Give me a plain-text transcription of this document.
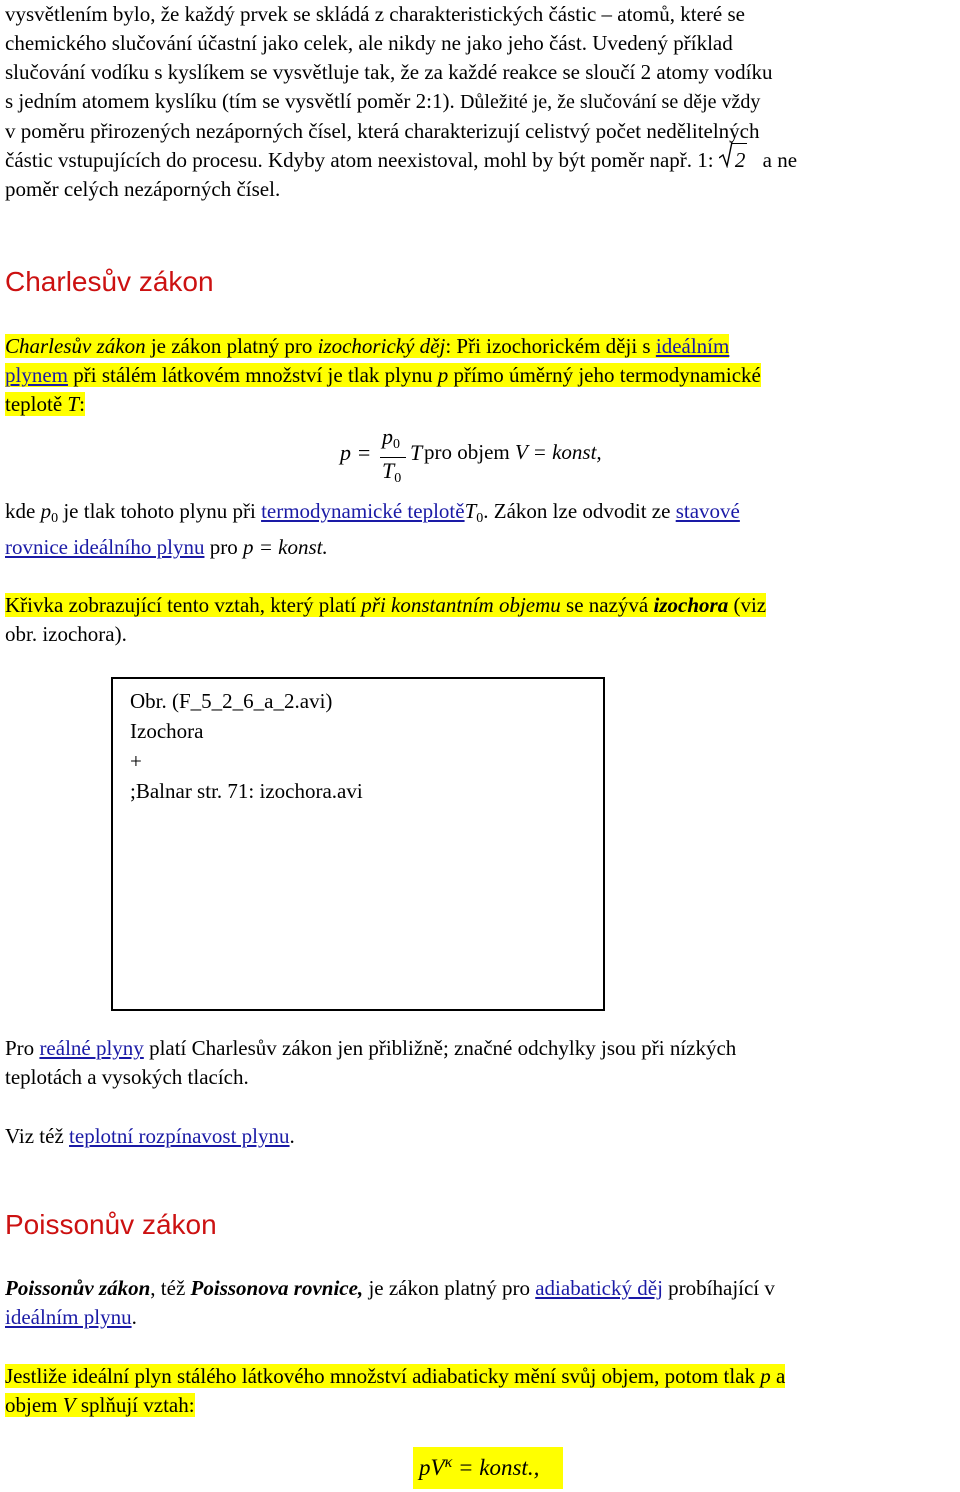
vysvětlením bylo, že každý prvek se skládá z charakteristických částic – atomů, které se
chemického slučování účastní jako celek, ale nikdy ne jako jeho část. Uvedený příklad
slučování vodíku s kyslíkem se vysvětluje tak, že za každé reakce se sloučí 2 atomy vodíku
s jedním atomem kyslíku (tím se vysvětlí poměr 2:1). Důležité je, že slučování se děje vždy
v poměru přirozených nezáporných čísel, která charakterizují celistvý počet nedělitelných
částic vstupujících do procesu. Kdyby atom neexistoval, mohl by být poměr např. 1: 2 a ne
poměr celých nezáporných čísel.
Charlesův zákon
Charlesův zákon je zákon platný pro izochorický děj: Při izochorickém ději s ideálním
plynem při stálém látkovém množství je tlak plynu p přímo úměrný jeho termodynamické
teplotě T:
p =
$p_0$
$T_0$
T pro objem V = konst,
kde $p_0$ je tlak tohoto plynu při termodynamické teplotěT$_0$. Zákon lze odvodit ze stavové
rovnice ideálního plynu pro p = konst.
Křivka zobrazující tento vztah, který platí při konstantním objemu se nazývá izochora (viz
obr. izochora).
Obr. (F_5_2_6_a_2.avi)
Izochora
+
;Balnar str. 71: izochora.avi
Pro reálné plyny platí Charlesův zákon jen přibližně; značné odchylky jsou při nízkých
teplotách a vysokých tlacích.
Viz též teplotní rozpínavost plynu.
Poissonův zákon
Poissonův zákon, též Poissonova rovnice, je zákon platný pro adiabatický děj probíhající v
ideálním plynu.
Jestliže ideální plyn stálého látkového množství adiabaticky mění svůj objem, potom tlak p a
objem V splňují vztah:
$pV^\kappa$ = konst.,
